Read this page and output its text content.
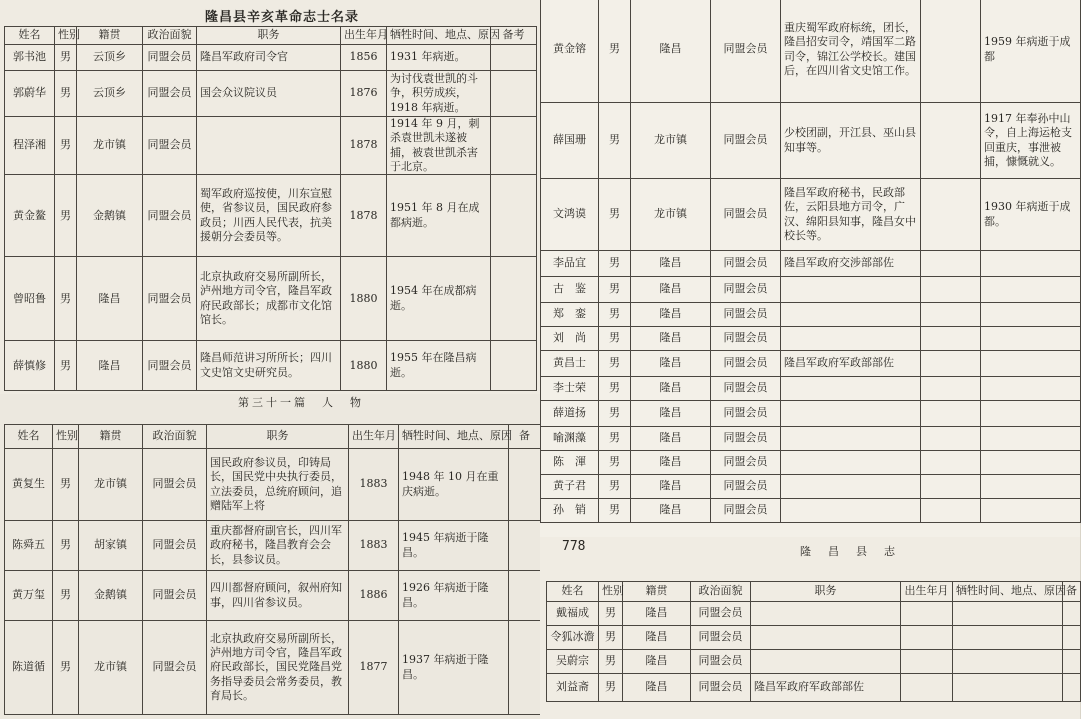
隆昌县辛亥革命志士名录
姓名	性别	籍贯	政治面貌	职务	出生年月	牺牲时间、地点、原因	备考
郭书池	男	云顶乡	同盟会员	隆昌军政府司令官	1856	1931 年病逝。	
郭蔚华	男	云顶乡	同盟会员	国会众议院议员	1876	为讨伐袁世凯的斗争，积劳成疾，1918 年病逝。	
程泽湘	男	龙市镇	同盟会员		1878	1914 年 9 月，刺杀袁世凯未遂被捕，被袁世凯杀害于北京。	
黄金鳌	男	金鹅镇	同盟会员	蜀军政府巡按使，川东宣慰使，省参议员，国民政府参政员；川西人民代表，抗美援朝分会委员等。	1878	1951 年 8 月在成都病逝。	
曾昭鲁	男	隆昌	同盟会员	北京执政府交易所副所长，泸州地方司令官，隆昌军政府民政部长；成都市文化馆馆长。	1880	1954 年在成都病逝。	
薛慎修	男	隆昌	同盟会员	隆昌师范讲习所所长；四川文史馆文史研究员。	1880	1955 年在隆昌病逝。	
第三十一篇　人　物
姓名	性别	籍贯	政治面貌	职务	出生年月	牺牲时间、地点、原因	备
黄复生	男	龙市镇	同盟会员	国民政府参议员，印铸局长，国民党中央执行委员，立法委员，总统府顾问，追赠陆军上将	1883	1948 年 10 月在重庆病逝。	
陈舜五	男	胡家镇	同盟会员	重庆都督府副官长，四川军政府秘书，隆昌教育会会长，县参议员。	1883	1945 年病逝于隆昌。	
黄万玺	男	金鹅镇	同盟会员	四川都督府顾问，叙州府知事，四川省参议员。	1886	1926 年病逝于隆昌。	
陈道循	男	龙市镇	同盟会员	北京执政府交易所副所长，泸州地方司令官，隆昌军政府民政部长，国民党隆昌党务指导委员会常务委员，教育局长。	1877	1937 年病逝于隆昌。	
黄金镕	男	隆昌	同盟会员	重庆蜀军政府标统，团长，隆昌招安司令，靖国军二路司令，锦江公学校长。建国后，在四川省文史馆工作。		1959 年病逝于成都
薛国珊	男	龙市镇	同盟会员	少校团副，开江县、巫山县知事等。		1917 年奉孙中山令，自上海运枪支回重庆，事泄被捕，慷慨就义。
文鸿谟	男	龙市镇	同盟会员	隆昌军政府秘书，民政部佐，云阳县地方司令，广汉、绵阳县知事，隆昌女中校长等。		1930 年病逝于成都。
李品宜	男	隆昌	同盟会员	隆昌军政府交涉部部佐		
古　鉴	男	隆昌	同盟会员			
郑　銮	男	隆昌	同盟会员			
刘　尚	男	隆昌	同盟会员			
黄昌士	男	隆昌	同盟会员	隆昌军政府军政部部佐		
李士荣	男	隆昌	同盟会员			
薛道扬	男	隆昌	同盟会员			
喻渊藻	男	隆昌	同盟会员			
陈　渾	男	隆昌	同盟会员			
黄子君	男	隆昌	同盟会员			
孙　销	男	隆昌	同盟会员			
778	隆　昌　县　志
姓名	性别	籍贯	政治面貌	职务	出生年月	牺牲时间、地点、原因	备
戴福成	男	隆昌	同盟会员				
令狐冰澹	男	隆昌	同盟会员				
吴蔚宗	男	隆昌	同盟会员				
刘益斋	男	隆昌	同盟会员	隆昌军政府军政部部佐			
